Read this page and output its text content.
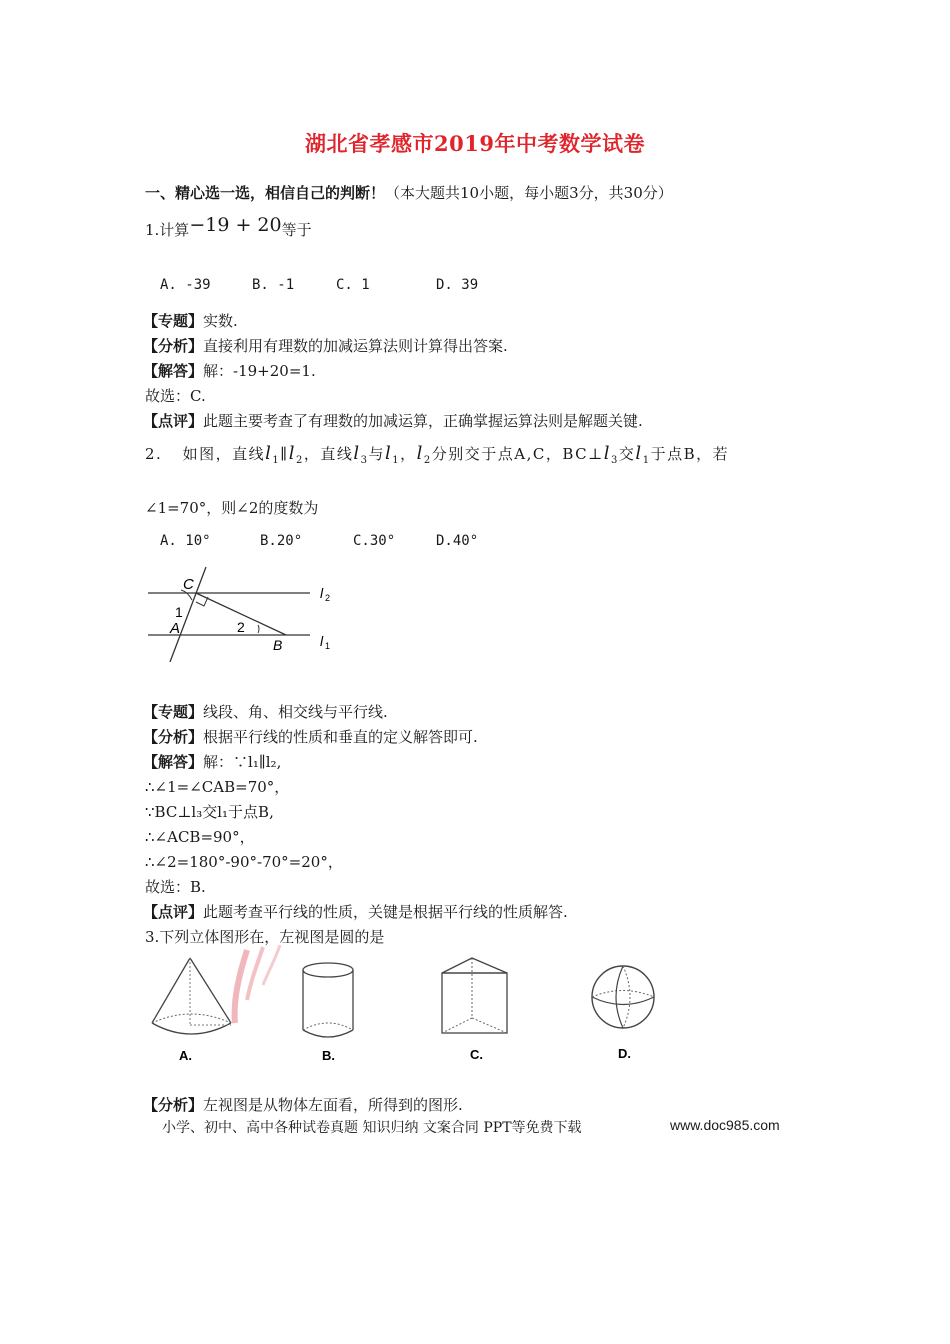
湖北省孝感市2019年中考数学试卷
一、精心选一选，相信自己的判断！（本大题共10小题，每小题3分，共30分）
1.计算−19 + 20等于
A. -39	B. -1	C. 1	D. 39
【专题】实数.
【分析】直接利用有理数的加减运算法则计算得出答案.
【解答】解：-19+20=1.
故选：C.
【点评】此题主要考查了有理数的加减运算，正确掌握运算法则是解题关键.
2. 如图，直线$l_1\parallel l_2$，直线$l_3$与$l_1$，$l_2$分别交于点A,C，$BC\perp l_3$交$l_1$于点B，若
∠1=70°，则∠2的度数为
A. 10°	B.20°	C.30°	D.40°
C
1
A	2
B
l 2
l 1
【专题】线段、角、相交线与平行线.
【分析】根据平行线的性质和垂直的定义解答即可.
【解答】解：∵l₁∥l₂,
∴∠1=∠CAB=70°，
∵BC⊥l₃交l₁于点B,
∴∠ACB=90°，
∴∠2=180°-90°-70°=20°，
故选：B.
【点评】此题考查平行线的性质，关键是根据平行线的性质解答.
3.下列立体图形在，左视图是圆的是
A.	B.	C.	D.
【分析】左视图是从物体左面看，所得到的图形.
小学、初中、高中各种试卷真题 知识归纳 文案合同 PPT等免费下载	www.doc985.com
